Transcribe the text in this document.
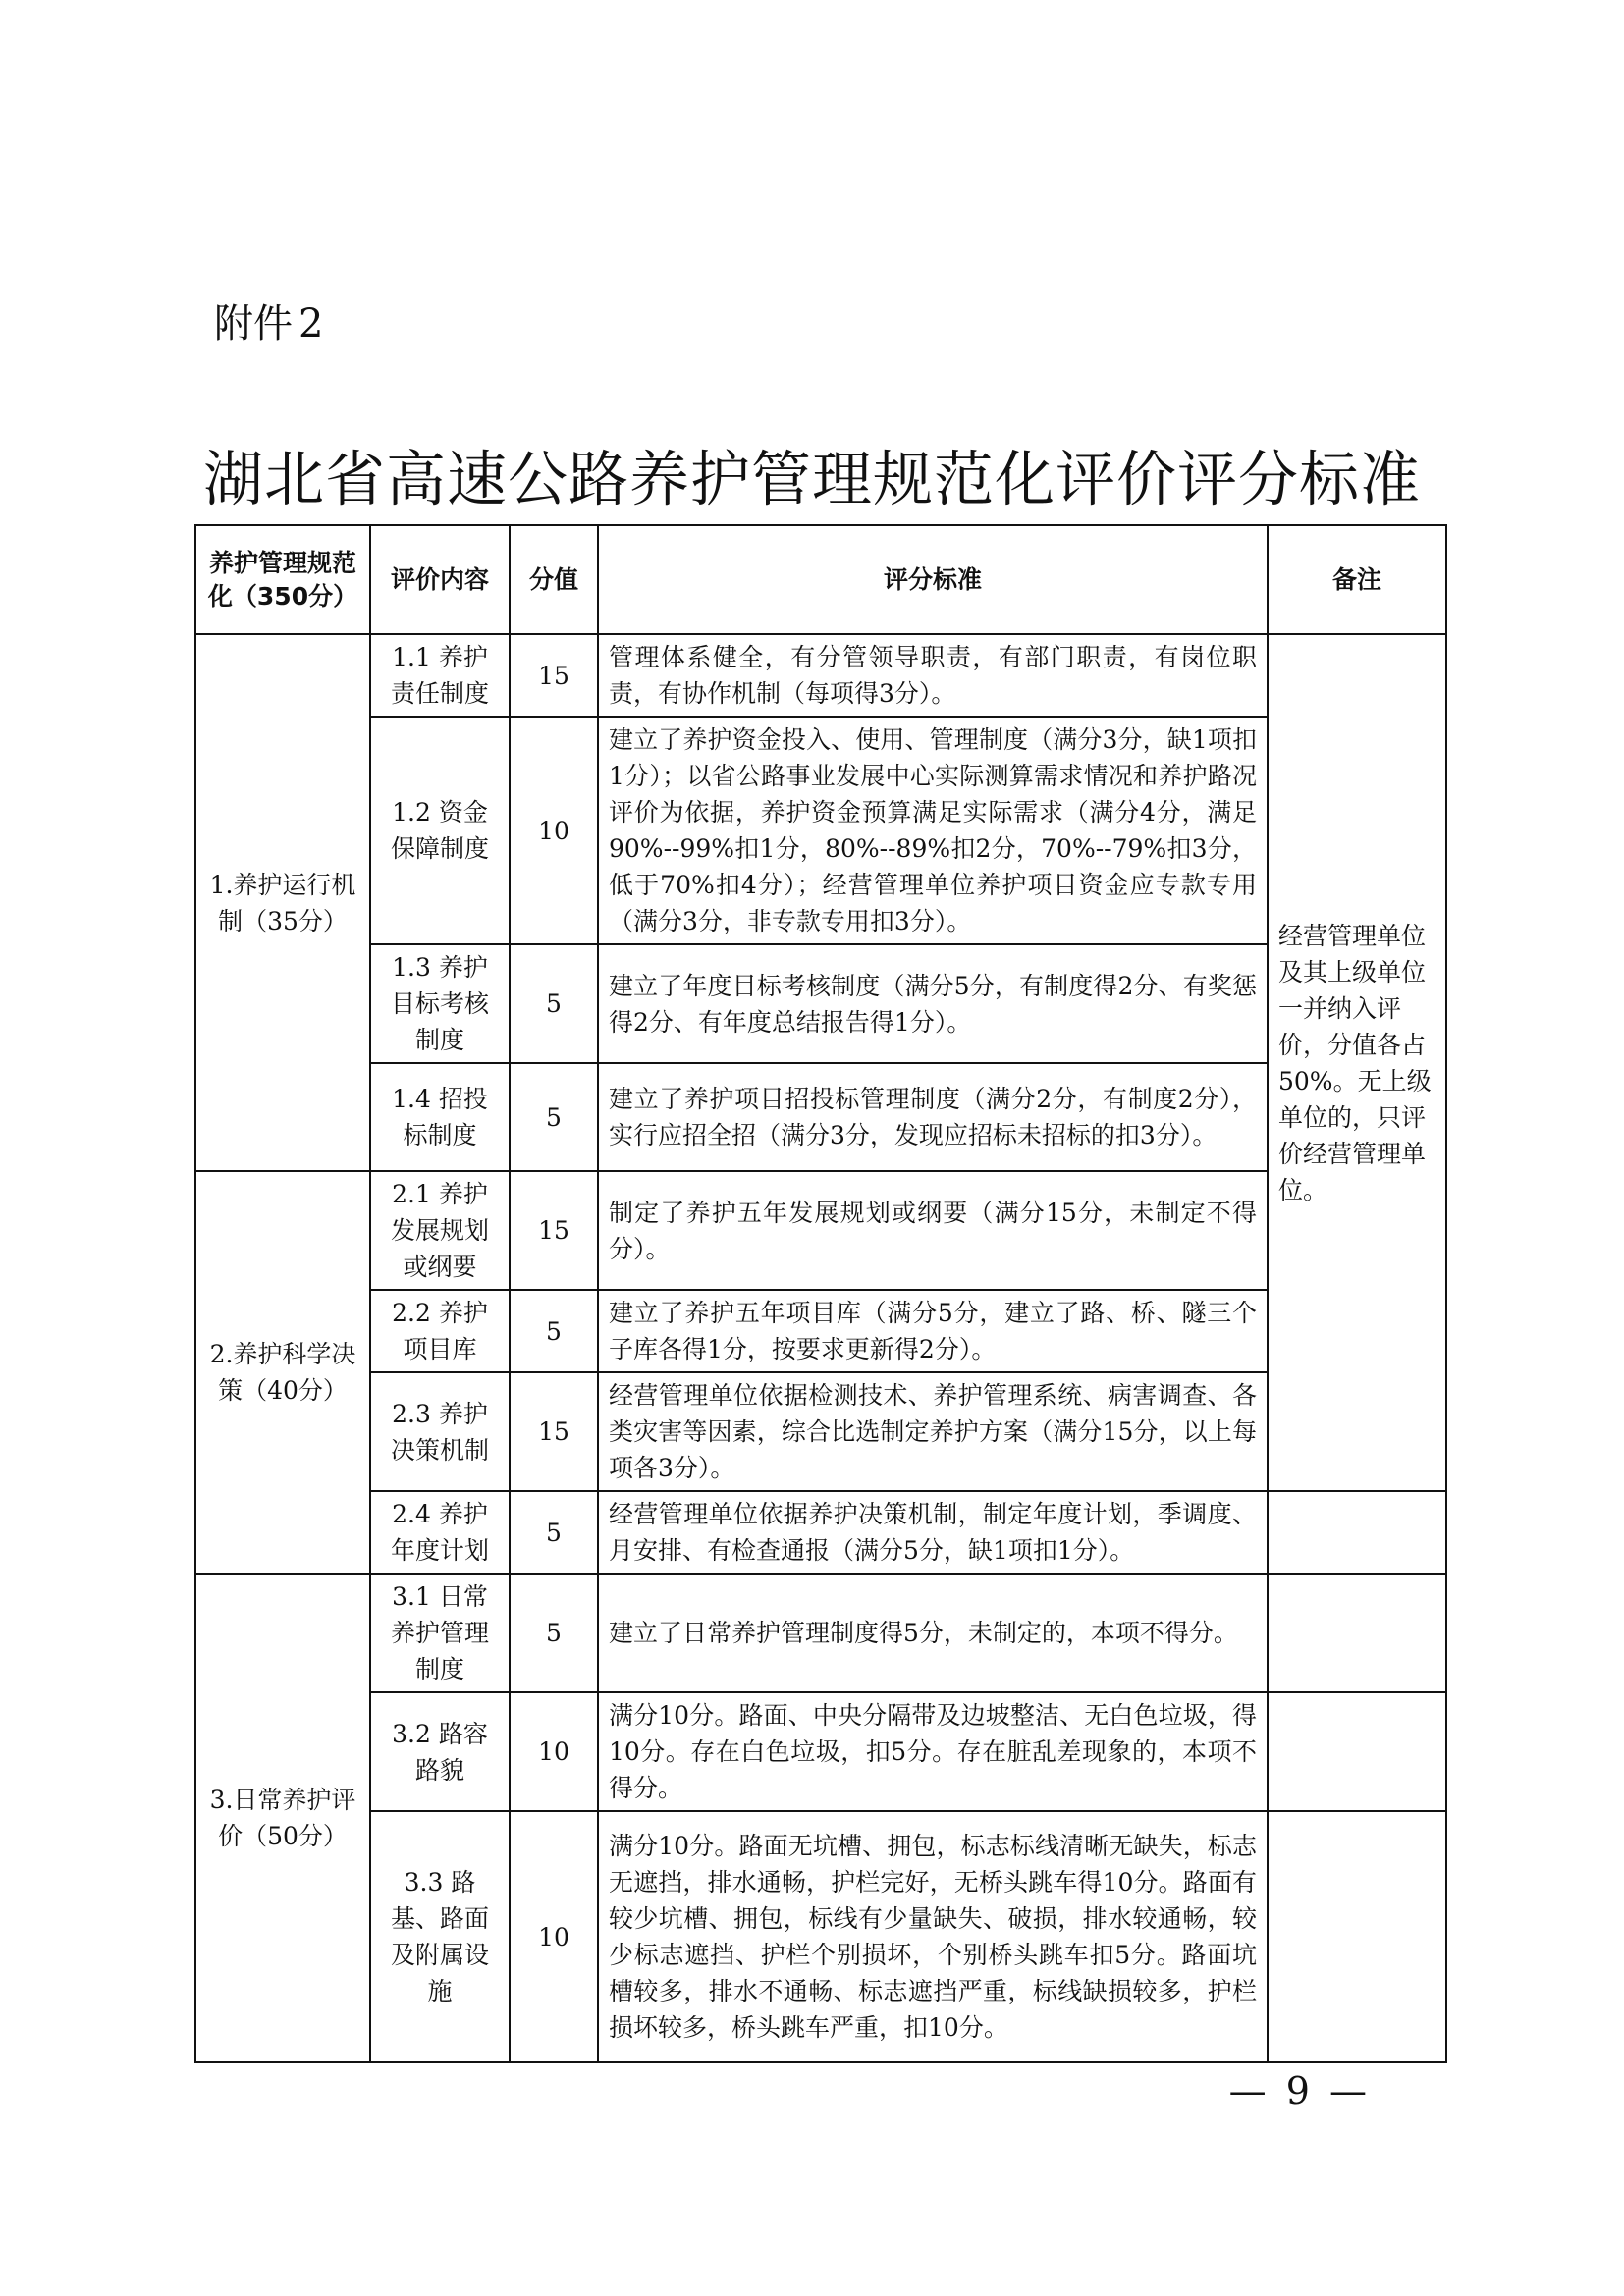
附件 2
湖北省高速公路养护管理规范化评价评分标准
养护管理规范化（350分）	评价内容	分值	评分标准	备注
1.养护运行机制（35分）	1.1 养护责任制度	15	管理体系健全，有分管领导职责，有部门职责，有岗位职责，有协作机制（每项得3分）。	经营管理单位及其上级单位一并纳入评价，分值各占50%。无上级单位的，只评价经营管理单位。
	1.2 资金保障制度	10	建立了养护资金投入、使用、管理制度（满分3分，缺1项扣1分）；以省公路事业发展中心实际测算需求情况和养护路况评价为依据，养护资金预算满足实际需求（满分4分，满足90%--99%扣1分，80%--89%扣2分，70%--79%扣3分，低于70%扣4分）；经营管理单位养护项目资金应专款专用（满分3分，非专款专用扣3分）。	
	1.3 养护目标考核制度	5	建立了年度目标考核制度（满分5分，有制度得2分、有奖惩得2分、有年度总结报告得1分）。	
	1.4 招投标制度	5	建立了养护项目招投标管理制度（满分2分，有制度2分），实行应招全招（满分3分，发现应招标未招标的扣3分）。	
2.养护科学决策（40分）	2.1 养护发展规划或纲要	15	制定了养护五年发展规划或纲要（满分15分，未制定不得分）。	
	2.2 养护项目库	5	建立了养护五年项目库（满分5分，建立了路、桥、隧三个子库各得1分，按要求更新得2分）。	
	2.3 养护决策机制	15	经营管理单位依据检测技术、养护管理系统、病害调查、各类灾害等因素，综合比选制定养护方案（满分15分，以上每项各3分）。	
	2.4 养护年度计划	5	经营管理单位依据养护决策机制，制定年度计划，季调度、月安排、有检查通报（满分5分，缺1项扣1分）。	
3.日常养护评价（50分）	3.1 日常养护管理制度	5	建立了日常养护管理制度得5分，未制定的，本项不得分。	
	3.2 路容路貌	10	满分10分。路面、中央分隔带及边坡整洁、无白色垃圾，得10分。存在白色垃圾，扣5分。存在脏乱差现象的，本项不得分。	
	3.3 路基、路面及附属设施	10	满分10分。路面无坑槽、拥包，标志标线清晰无缺失，标志无遮挡，排水通畅，护栏完好，无桥头跳车得10分。路面有较少坑槽、拥包，标线有少量缺失、破损，排水较通畅，较少标志遮挡、护栏个别损坏，个别桥头跳车扣5分。路面坑槽较多，排水不通畅、标志遮挡严重，标线缺损较多，护栏损坏较多，桥头跳车严重，扣10分。	
— 9 —
